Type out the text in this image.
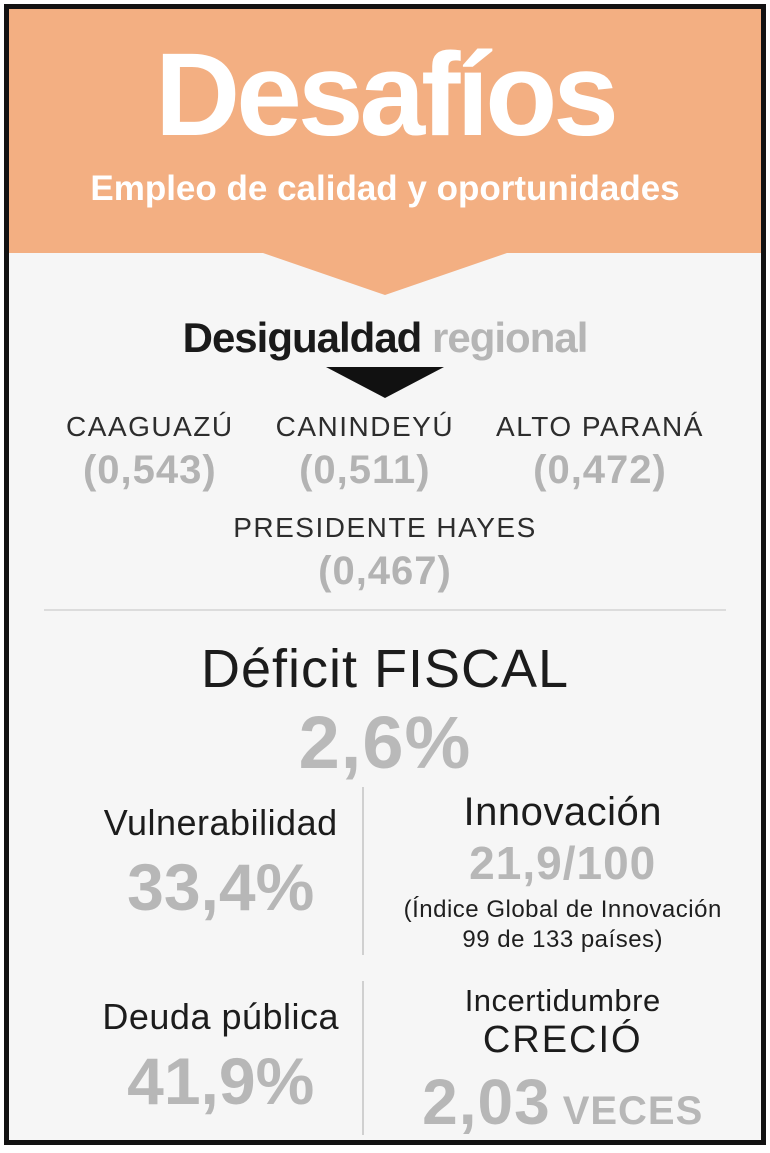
Desafíos
Empleo de calidad y oportunidades
Desigualdad regional
CAAGUAZÚ
(0,543)
CANINDEYÚ
(0,511)
ALTO PARANÁ
(0,472)
PRESIDENTE HAYES
(0,467)
Déficit FISCAL
2,6%
Vulnerabilidad
33,4%
Innovación
21,9/100
(Índice Global de Innovación
99 de 133 países)
Deuda pública
41,9%
Incertidumbre
CRECIÓ
2,03 VECES
